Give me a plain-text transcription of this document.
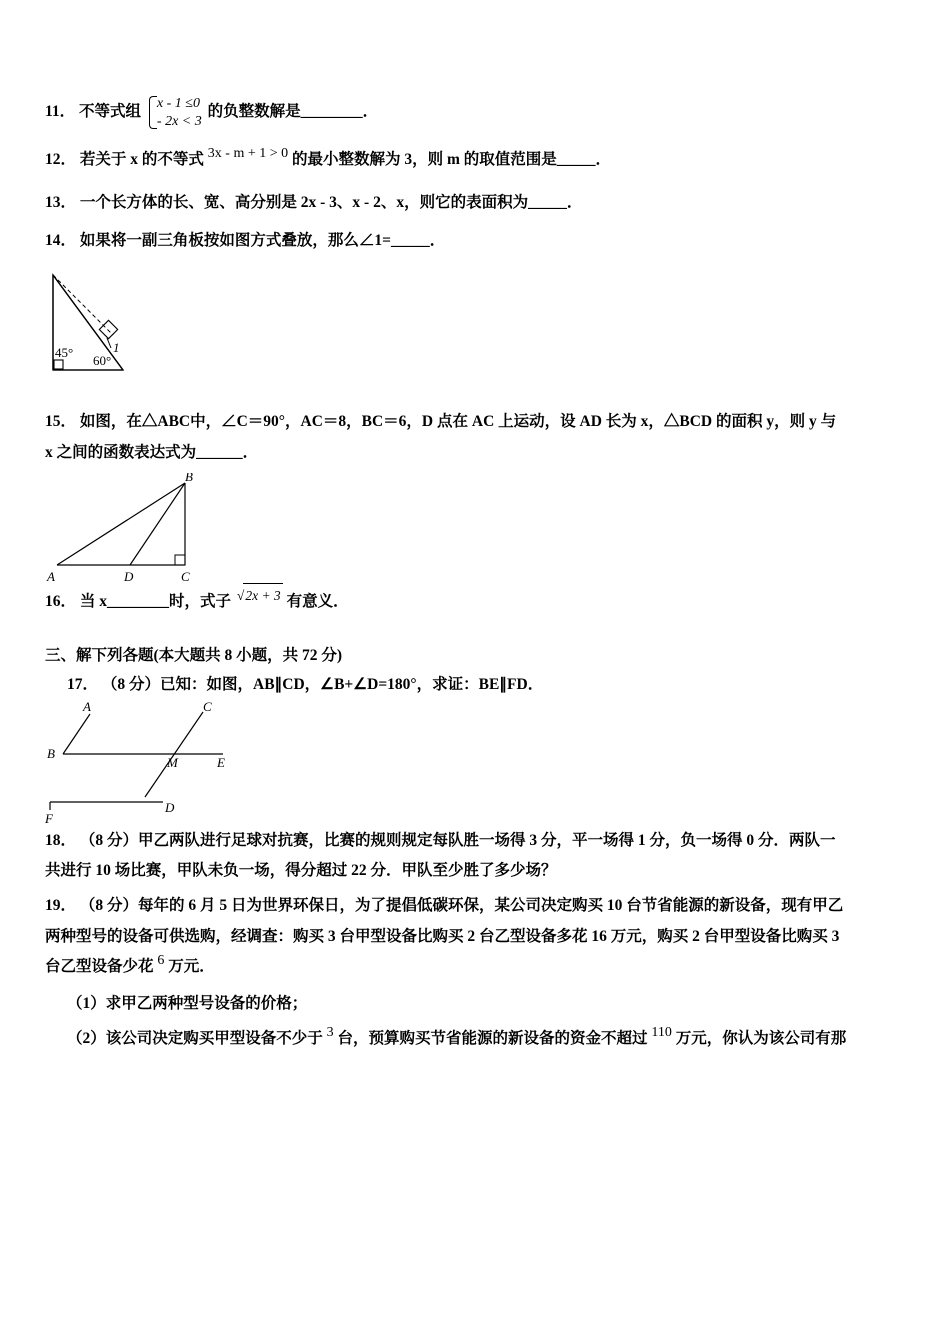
11． 不等式组 x - 1 ≤0
- 2x < 3 的负整数解是________．
12． 若关于 x 的不等式 3x - m + 1 > 0 的最小整数解为 3，则 m 的取值范围是_____．
13． 一个长方体的长、宽、高分别是 2x - 3、x - 2、x，则它的表面积为_____．
14． 如果将一副三角板按如图方式叠放，那么∠1=_____．
1
45°
60°
15． 如图，在△ABC中，∠C＝90°，AC＝8，BC＝6，D 点在 AC 上运动，设 AD 长为 x，△BCD 的面积 y，则 y 与
x 之间的函数表达式为______．
A
B
C
D
16． 当 x________时，式子 √2x + 3 有意义．
三、解下列各题(本大题共 8 小题，共 72 分)
17． （8 分）已知：如图，AB∥CD，∠B+∠D=180°，求证：BE∥FD．
A
B
C
D
E
F
M
18． （8 分）甲乙两队进行足球对抗赛，比赛的规则规定每队胜一场得 3 分，平一场得 1 分，负一场得 0 分．两队一
共进行 10 场比赛，甲队未负一场，得分超过 22 分．甲队至少胜了多少场？
19． （8 分）每年的 6 月 5 日为世界环保日，为了提倡低碳环保，某公司决定购买 10 台节省能源的新设备，现有甲乙
两种型号的设备可供选购，经调查：购买 3 台甲型设备比购买 2 台乙型设备多花 16 万元，购买 2 台甲型设备比购买 3
台乙型设备少花 6 万元．
（1）求甲乙两种型号设备的价格；
（2）该公司决定购买甲型设备不少于 3 台，预算购买节省能源的新设备的资金不超过 110 万元，你认为该公司有那
